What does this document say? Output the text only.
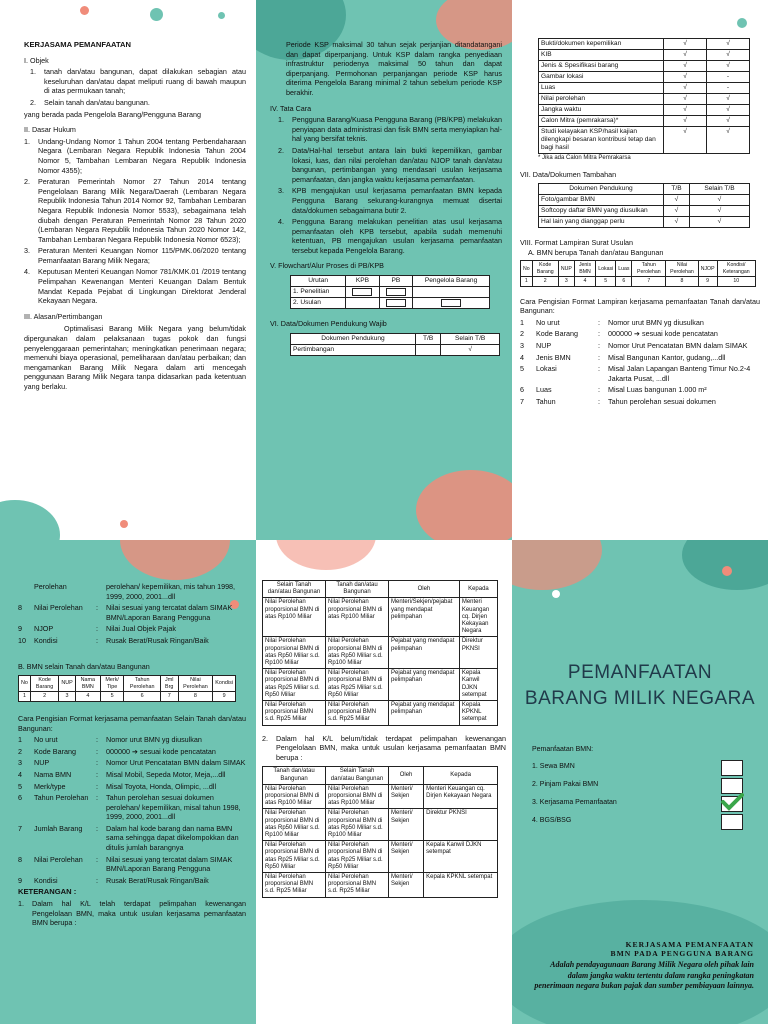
KERJASAMA PEMANFAATAN
I. Objek
1.	tanah dan/atau bangunan, dapat dilakukan sebagian atau keseluruhan dan/atau dapat meliputi ruang di bawah maupun di atas permukaan tanah;
2.	Selain tanah dan/atau bangunan.
yang berada pada Pengelola Barang/Pengguna Barang
II. Dasar Hukum
1.	Undang-Undang Nomor 1 Tahun 2004 tentang Perbendaharaan Negara (Lembaran Negara Republik Indonesia Tahun 2004 Nomor 5, Tambahan Lembaran Negara Republik Indonesia Nomor 4355);
2.	Peraturan Pemerintah Nomor 27 Tahun 2014 tentang Pengelolaan Barang Milik Negara/Daerah (Lembaran Negara Republik Indonesia Tahun 2014 Nomor 92, Tambahan Lembaran Negara Republik Indonesia Nomor 5533), sebagaimana telah diubah dengan Peraturan Pemerintah Nomor 28 Tahun 2020 (Lembaran Negara Republik Indonesia Tahun 2020 Nomor 142, Tambahan Lembaran Negara Republik Indonesia Nomor 6523);
3.	Peraturan Menteri Keuangan Nomor 115/PMK.06/2020 tentang Pemanfaatan Barang Milik Negara;
4.	Keputusan Menteri Keuangan Nomor 781/KMK.01 /2019 tentang Pelimpahan Kewenangan Menteri Keuangan Dalam Bentuk Mandat Kepada Pejabat di Lingkungan Direktorat Jenderal Kekayaan Negara.
III. Alasan/Pertimbangan
Optimalisasi Barang Milik Negara yang belum/tidak dipergunakan dalam pelaksanaan tugas pokok dan fungsi penyelenggaraan pemerintahan; meningkatkan penerimaan negara; memenuhi biaya operasional, pemeliharaan dan/atau perbaikan; dan mengamankan Barang Milik Negara dalam arti mencegah penggunaan Barang Milik Negara tanpa didasarkan pada ketentuan yang berlaku.
Periode KSP maksimal 30 tahun sejak perjanjian ditandatangani dan dapat diperpanjang. Untuk KSP dalam rangka penyediaan infrastruktur periodenya maksimal 50 tahun dan dapat diperpanjang. Permohonan perpanjangan periode KSP harus diterima Pengelola Barang minimal 2 tahun sebelum periode KSP berakhir.
IV. Tata Cara
1.	Pengguna Barang/Kuasa Pengguna Barang (PB/KPB) melakukan penyiapan data administrasi dan fisik BMN serta menyiapkan hal-hal yang bersifat teknis.
2.	Data/Hal-hal tersebut antara lain bukti kepemilikan, gambar lokasi, luas, dan nilai perolehan dan/atau NJOP tanah dan/atau bangunan, pertimbangan yang mendasari usulan kerjasama pemanfaatan, dan jangka waktu kerjasama pemanfaatan.
3.	KPB mengajukan usul kerjasama pemanfaatan BMN kepada Pengguna Barang sekurang-kurangnya memuat disertai data/dokumen sebagaimana butir 2.
4.	Pengguna Barang melakukan penelitian atas usul kerjasama pemanfaatan oleh KPB tersebut, apabila sudah memenuhi ketentuan, PB mengajukan usulan kerjasama pemanfaatan tersebut kepada Pengelola Barang.
V. Flowchart/Alur Proses di PB/KPB
Urutan	KPB	PB	Pengelola Barang
1. Penelitian	

2. Usulan		

VI. Data/Dokumen Pendukung Wajib
Dokumen Pendukung	T/B	Selain T/B
Pertimbangan		√
Bukti/dokumen kepemilikan	√	√
KIB	√	√
Jenis & Spesifikasi barang	√	√
Gambar lokasi	√	-
Luas	√	-
Nilai perolehan	√	√
Jangka waktu	√	√
Calon Mitra (pemrakarsa)*	√	√
Studi kelayakan KSP/hasil kajian dilengkapi besaran kontribusi tetap dan bagi hasil	√	√
* Jika ada Calon Mitra Pemrakarsa
VII. Data/Dokumen Tambahan
Dokumen Pendukung	T/B	Selain T/B
Foto/gambar BMN	√	√
Softcopy daftar BMN yang diusulkan	√	√
Hal lain yang dianggap perlu	√	√
VIII. Format Lampiran Surat Usulan
A. BMN berupa Tanah dan/atau Bangunan
No	Kode Barang	NUP	Jenis BMN	Lokasi	Luas	Tahun Perolehan	Nilai Perolehan	NJOP	Kondisi/ Keterangan
1	2	3	4	5	6	7	8	9	10
Cara Pengisian Format Lampiran kerjasama pemanfaatan Tanah dan/atau Bangunan:
1	No urut	:	Nomor urut BMN yg diusulkan
2	Kode Barang	:	000000 ➔ sesuai kode pencatatan
3	NUP	:	Nomor Urut Pencatatan BMN dalam SIMAK
4	Jenis BMN	:	Misal Bangunan Kantor, gudang,...dll
5	Lokasi	:	Misal Jalan Lapangan Banteng Timur No.2-4 Jakarta Pusat, ...dll
6	Luas	:	Misal Luas bangunan 1.000 m²
7	Tahun	:	Tahun perolehan sesuai dokumen
Perolehan	perolehan/ kepemilikan, mis tahun 1998, 1999, 2000, 2001...dll
8	Nilai Perolehan	:	Nilai sesuai yang tercatat dalam SIMAK BMN/Laporan Barang Pengguna
9	NJOP	:	Nilai Jual Objek Pajak
10	Kondisi	:	Rusak Berat/Rusak Ringan/Baik
B. BMN selain Tanah dan/atau Bangunan
No	Kode Barang	NUP	Nama BMN	Merk/ Tipe	Tahun Perolehan	Jml Brg	Nilai Perolehan	Kondisi
1	2	3	4	5	6	7	8	9
Cara Pengisian Format kerjasama pemanfaatan Selain Tanah dan/atau Bangunan:
1	No urut	:	Nomor urut BMN yg diusulkan
2	Kode Barang	:	000000 ➔ sesuai kode pencatatan
3	NUP	:	Nomor Urut Pencatatan BMN dalam SIMAK
4	Nama BMN	:	Misal Mobil, Sepeda Motor, Meja,...dll
5	Merk/type	:	Misal Toyota, Honda, Olimpic, ...dll
6	Tahun Perolehan	:	Tahun perolehan sesuai dokumen perolehan/ kepemilikan, misal tahun 1998, 1999, 2000, 2001...dll
7	Jumlah Barang	:	Dalam hal kode barang dan nama BMN sama sehingga dapat dikelompokkan dan ditulis jumlah barangnya
8	Nilai Perolehan	:	Nilai sesuai yang tercatat dalam SIMAK BMN/Laporan Barang Pengguna
9	Kondisi	:	Rusak Berat/Rusak Ringan/Baik
KETERANGAN :
1.	Dalam hal K/L telah terdapat pelimpahan kewenangan Pengelolaan BMN, maka untuk usulan kerjasama pemanfaatan BMN berupa :
Selain Tanah dan/atau Bangunan	Tanah dan/atau Bangunan	Oleh	Kepada
Nilai Perolehan proporsional BMN di atas Rp100 Miliar	Nilai Perolehan proporsional BMN di atas Rp100 Miliar	Menteri/Sekjen/pejabat yang mendapat pelimpahan	Menteri Keuangan cq. Dirjen Kekayaan Negara
Nilai Perolehan proporsional BMN di atas Rp50 Miliar s.d. Rp100 Miliar	Nilai Perolehan proporsional BMN di atas Rp50 Miliar s.d. Rp100 Miliar	Pejabat yang mendapat pelimpahan	Direktur PKNSI
Nilai Perolehan proporsional BMN di atas Rp25 Miliar s.d. Rp50 Miliar	Nilai Perolehan proporsional BMN di atas Rp25 Miliar s.d. Rp50 Miliar	Pejabat yang mendapat pelimpahan	Kepala Kanwil DJKN setempat
Nilai Perolehan proporsional BMN s.d. Rp25 Miliar	Nilai Perolehan proporsional BMN s.d. Rp25 Miliar	Pejabat yang mendapat pelimpahan	Kepala KPKNL setempat
2.	Dalam hal K/L belum/tidak terdapat pelimpahan kewenangan Pengelolaan BMN, maka untuk usulan kerjasama pemanfaatan BMN berupa :
Tanah dan/atau Bangunan	Selain Tanah dan/atau Bangunan	Oleh	Kepada
Nilai Perolehan proporsional BMN di atas Rp100 Miliar	Nilai Perolehan proporsional BMN di atas Rp100 Miliar	Menteri/ Sekjen	Menteri Keuangan cq. Dirjen Kekayaan Negara
Nilai Perolehan proporsional BMN di atas Rp50 Miliar s.d. Rp100 Miliar	Nilai Perolehan proporsional BMN di atas Rp50 Miliar s.d. Rp100 Miliar	Menteri/ Sekjen	Direktur PKNSI
Nilai Perolehan proporsional BMN di atas Rp25 Miliar s.d. Rp50 Miliar	Nilai Perolehan proporsional BMN di atas Rp25 Miliar s.d. Rp50 Miliar	Menteri/ Sekjen	Kepala Kanwil DJKN setempat
Nilai Perolehan proporsional BMN s.d. Rp25 Miliar	Nilai Perolehan proporsional BMN s.d. Rp25 Miliar	Menteri/ Sekjen	Kepala KPKNL setempat
PEMANFAATAN
BARANG MILIK NEGARA
Pemanfaatan BMN:
1. Sewa BMN
2. Pinjam Pakai BMN
3. Kerjasama Pemanfaatan
4. BGS/BSG
KERJASAMA PEMANFAATAN
BMN PADA PENGGUNA BARANG
Adalah pendayagunaan Barang Milik Negara oleh pihak lain dalam jangka waktu tertentu dalam rangka peningkatan penerimaan negara bukan pajak dan sumber pembiayaan lainnya.
